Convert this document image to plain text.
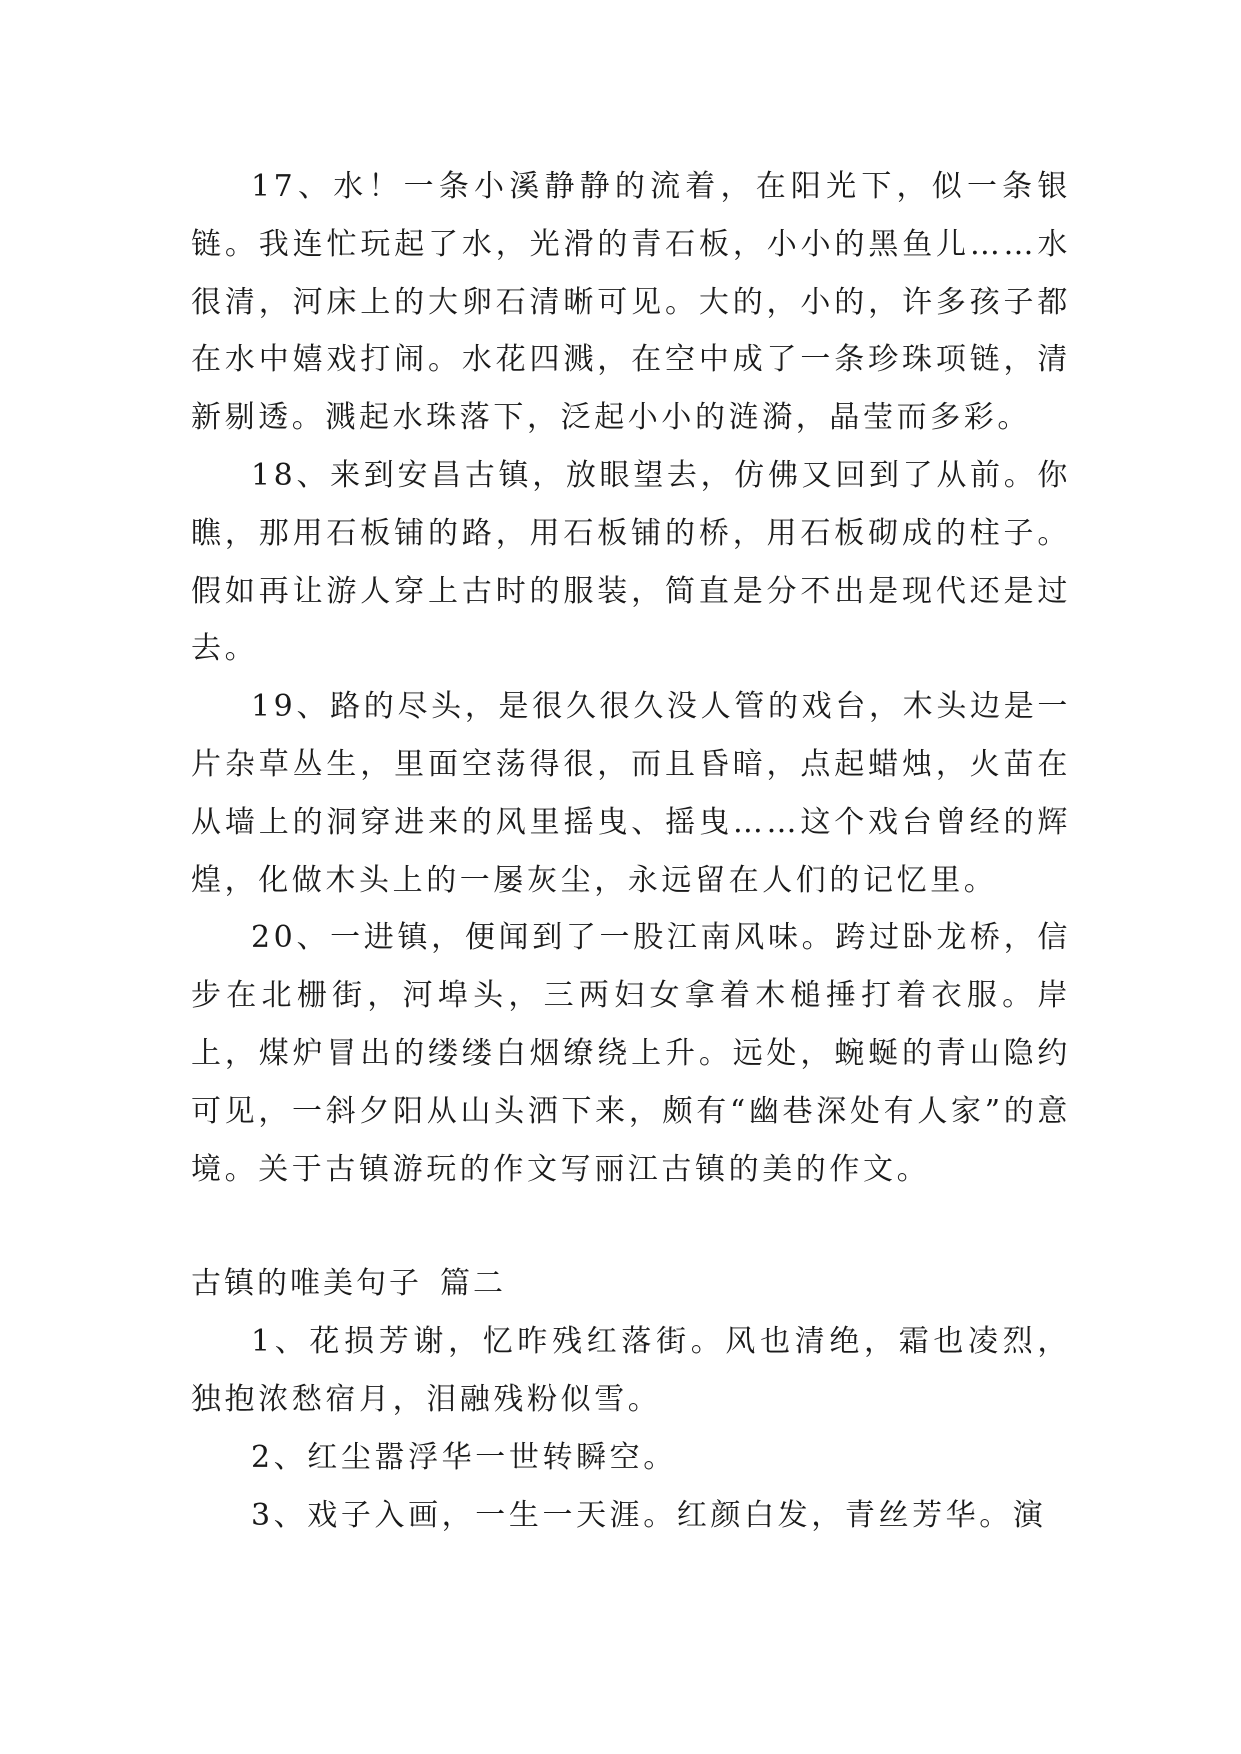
17、水！一条小溪静静的流着，在阳光下，似一条银链。我连忙玩起了水，光滑的青石板，小小的黑鱼儿……水很清，河床上的大卵石清晰可见。大的，小的，许多孩子都在水中嬉戏打闹。水花四溅，在空中成了一条珍珠项链，清新剔透。溅起水珠落下，泛起小小的涟漪，晶莹而多彩。

18、来到安昌古镇，放眼望去，仿佛又回到了从前。你瞧，那用石板铺的路，用石板铺的桥，用石板砌成的柱子。假如再让游人穿上古时的服装，简直是分不出是现代还是过去。

19、路的尽头，是很久很久没人管的戏台，木头边是一片杂草丛生，里面空荡得很，而且昏暗，点起蜡烛，火苗在从墙上的洞穿进来的风里摇曳、摇曳……这个戏台曾经的辉煌，化做木头上的一屡灰尘，永远留在人们的记忆里。

20、一进镇，便闻到了一股江南风味。跨过卧龙桥，信步在北栅街，河埠头，三两妇女拿着木槌捶打着衣服。岸上，煤炉冒出的缕缕白烟缭绕上升。远处，蜿蜒的青山隐约可见，一斜夕阳从山头洒下来，颇有“幽巷深处有人家”的意境。关于古镇游玩的作文写丽江古镇的美的作文。

古镇的唯美句子 篇二

1、花损芳谢，忆昨残红落街。风也清绝，霜也凌烈，独抱浓愁宿月，泪融残粉似雪。

2、红尘嚣浮华一世转瞬空。

3、戏子入画，一生一天涯。红颜白发，青丝芳华。演
